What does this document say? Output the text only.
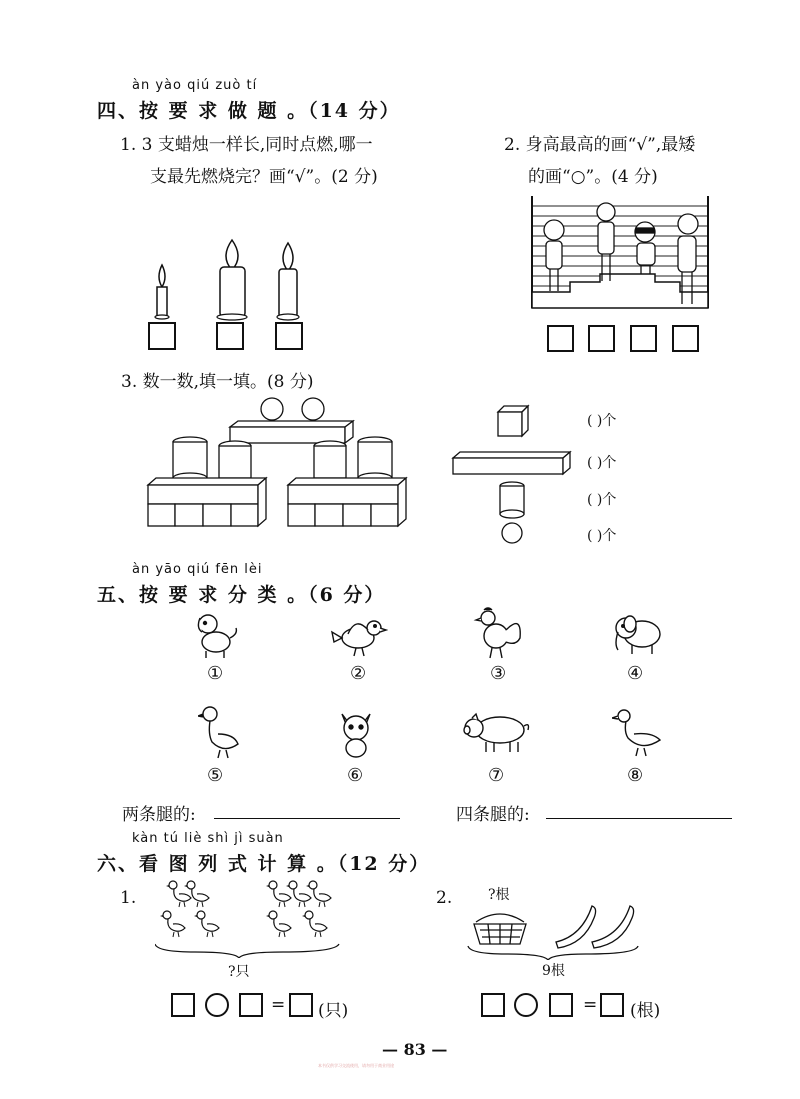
àn yào qiú zuò tí
四、按 要 求 做 题 。（14 分）
1. 3 支蜡烛一样长,同时点燃,哪一
支最先燃烧完？画“√”。(2 分)
2. 身高最高的画“√”,最矮
的画“○”。(4 分)
3. 数一数,填一填。(8 分)
( )个
( )个
( )个
( )个
àn yāo qiú fēn lèi
五、按 要 求 分 类 。（6 分）
①	②	③	④
⑤	⑥	⑦	⑧
两条腿的:	四条腿的:
kàn tú liè shì jì suàn
六、看 图 列 式 计 算 。（12 分）
1.
?只
= (只)
2.	?根
9根
= (根)
— 83 —
本书仅供学习交流使用，请勿用于商业用途
